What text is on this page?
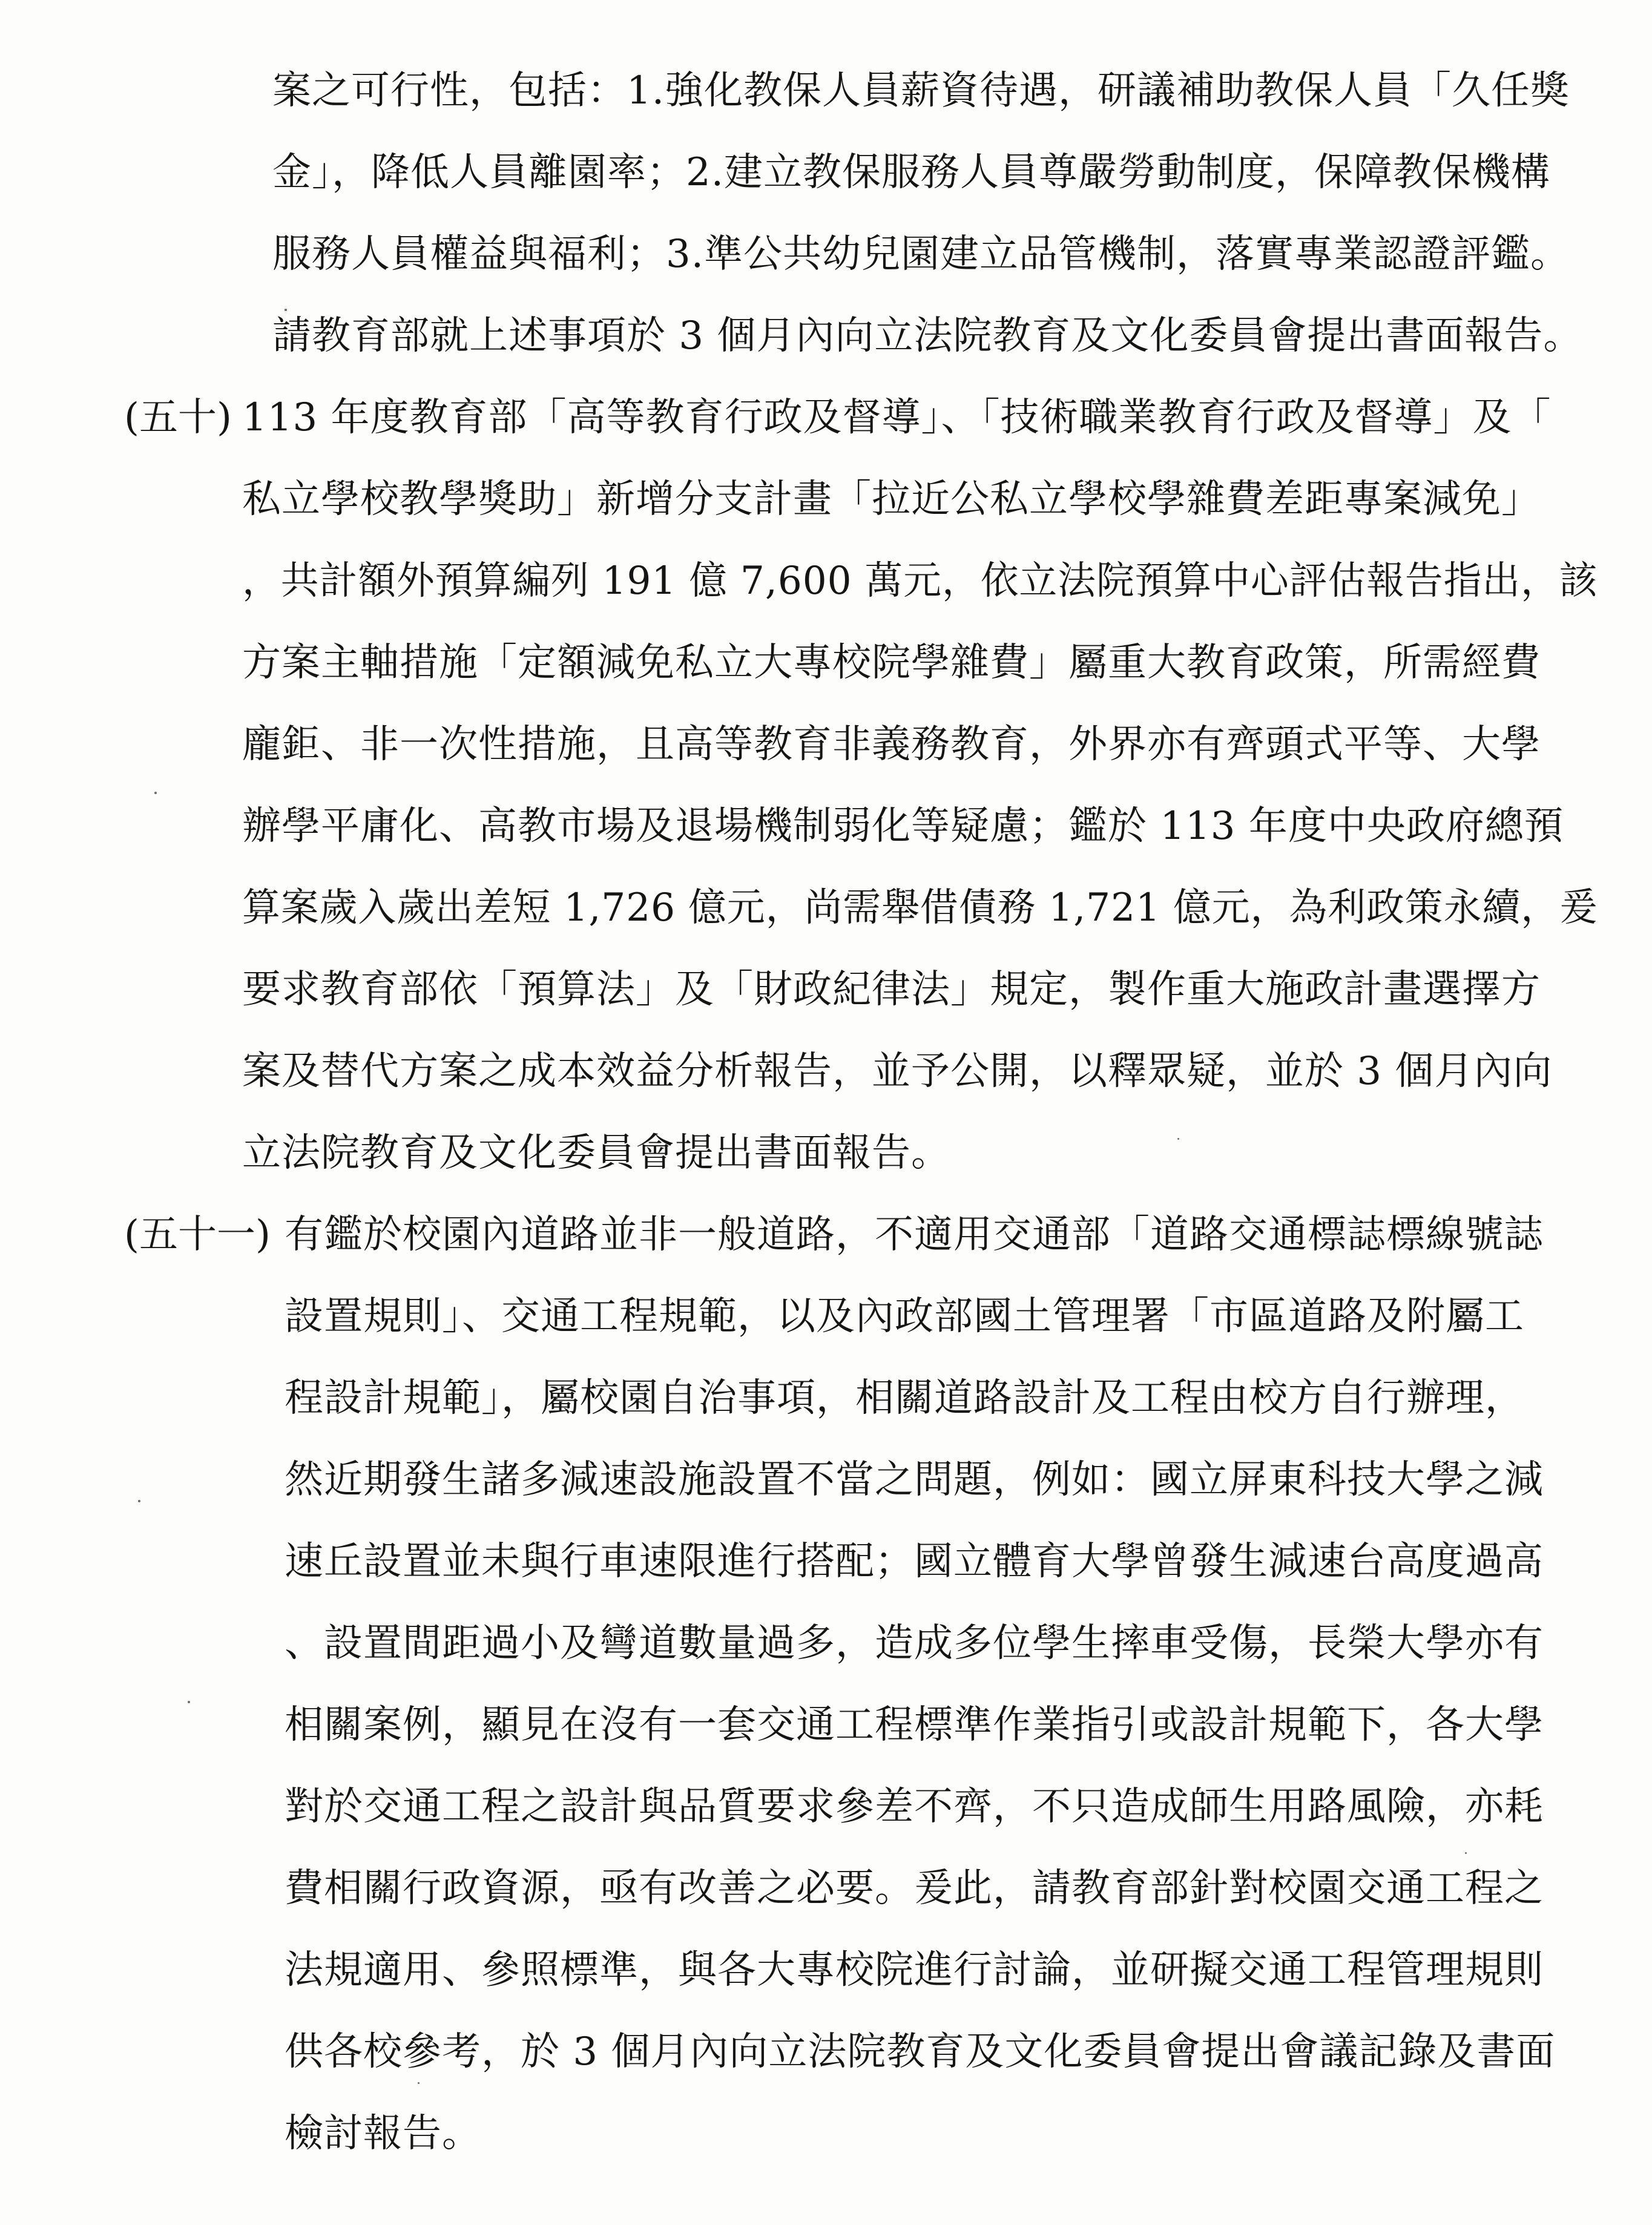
案之可行性，包括：1.強化教保人員薪資待遇，研議補助教保人員「久任獎
金」，降低人員離園率；2.建立教保服務人員尊嚴勞動制度，保障教保機構
服務人員權益與福利；3.準公共幼兒園建立品管機制，落實專業認證評鑑。
請教育部就上述事項於 3 個月內向立法院教育及文化委員會提出書面報告。
(五十) 113 年度教育部「高等教育行政及督導」、「技術職業教育行政及督導」及「
私立學校教學獎助」新增分支計畫「拉近公私立學校學雜費差距專案減免」
，共計額外預算編列 191 億 7,600 萬元，依立法院預算中心評估報告指出，該
方案主軸措施「定額減免私立大專校院學雜費」屬重大教育政策，所需經費
龐鉅、非一次性措施，且高等教育非義務教育，外界亦有齊頭式平等、大學
辦學平庸化、高教市場及退場機制弱化等疑慮；鑑於 113 年度中央政府總預
算案歲入歲出差短 1,726 億元，尚需舉借債務 1,721 億元，為利政策永續，爰
要求教育部依「預算法」及「財政紀律法」規定，製作重大施政計畫選擇方
案及替代方案之成本效益分析報告，並予公開，以釋眾疑，並於 3 個月內向
立法院教育及文化委員會提出書面報告。
(五十一) 有鑑於校園內道路並非一般道路，不適用交通部「道路交通標誌標線號誌
設置規則」、交通工程規範，以及內政部國土管理署「市區道路及附屬工
程設計規範」，屬校園自治事項，相關道路設計及工程由校方自行辦理，
然近期發生諸多減速設施設置不當之問題，例如：國立屏東科技大學之減
速丘設置並未與行車速限進行搭配；國立體育大學曾發生減速台高度過高
、設置間距過小及彎道數量過多，造成多位學生摔車受傷，長榮大學亦有
相關案例，顯見在沒有一套交通工程標準作業指引或設計規範下，各大學
對於交通工程之設計與品質要求參差不齊，不只造成師生用路風險，亦耗
費相關行政資源，亟有改善之必要。爰此，請教育部針對校園交通工程之
法規適用、參照標準，與各大專校院進行討論，並研擬交通工程管理規則
供各校參考，於 3 個月內向立法院教育及文化委員會提出會議記錄及書面
檢討報告。
